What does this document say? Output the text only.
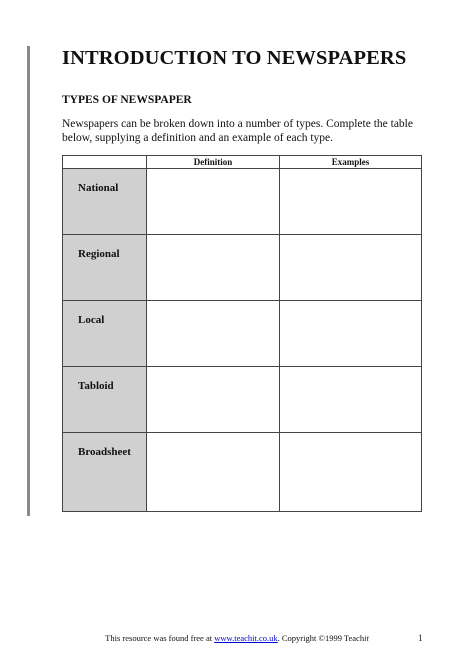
INTRODUCTION TO NEWSPAPERS
TYPES OF NEWSPAPER

Newspapers can be broken down into a number of types. Complete the table
below, supplying a definition and an example of each type.

	Definition	Examples

National		

Regional		

Local		

Tabloid		

Broadsheet		

This resource was found free at www.teachit.co.uk. Copyright ©1999 Teachit	1
